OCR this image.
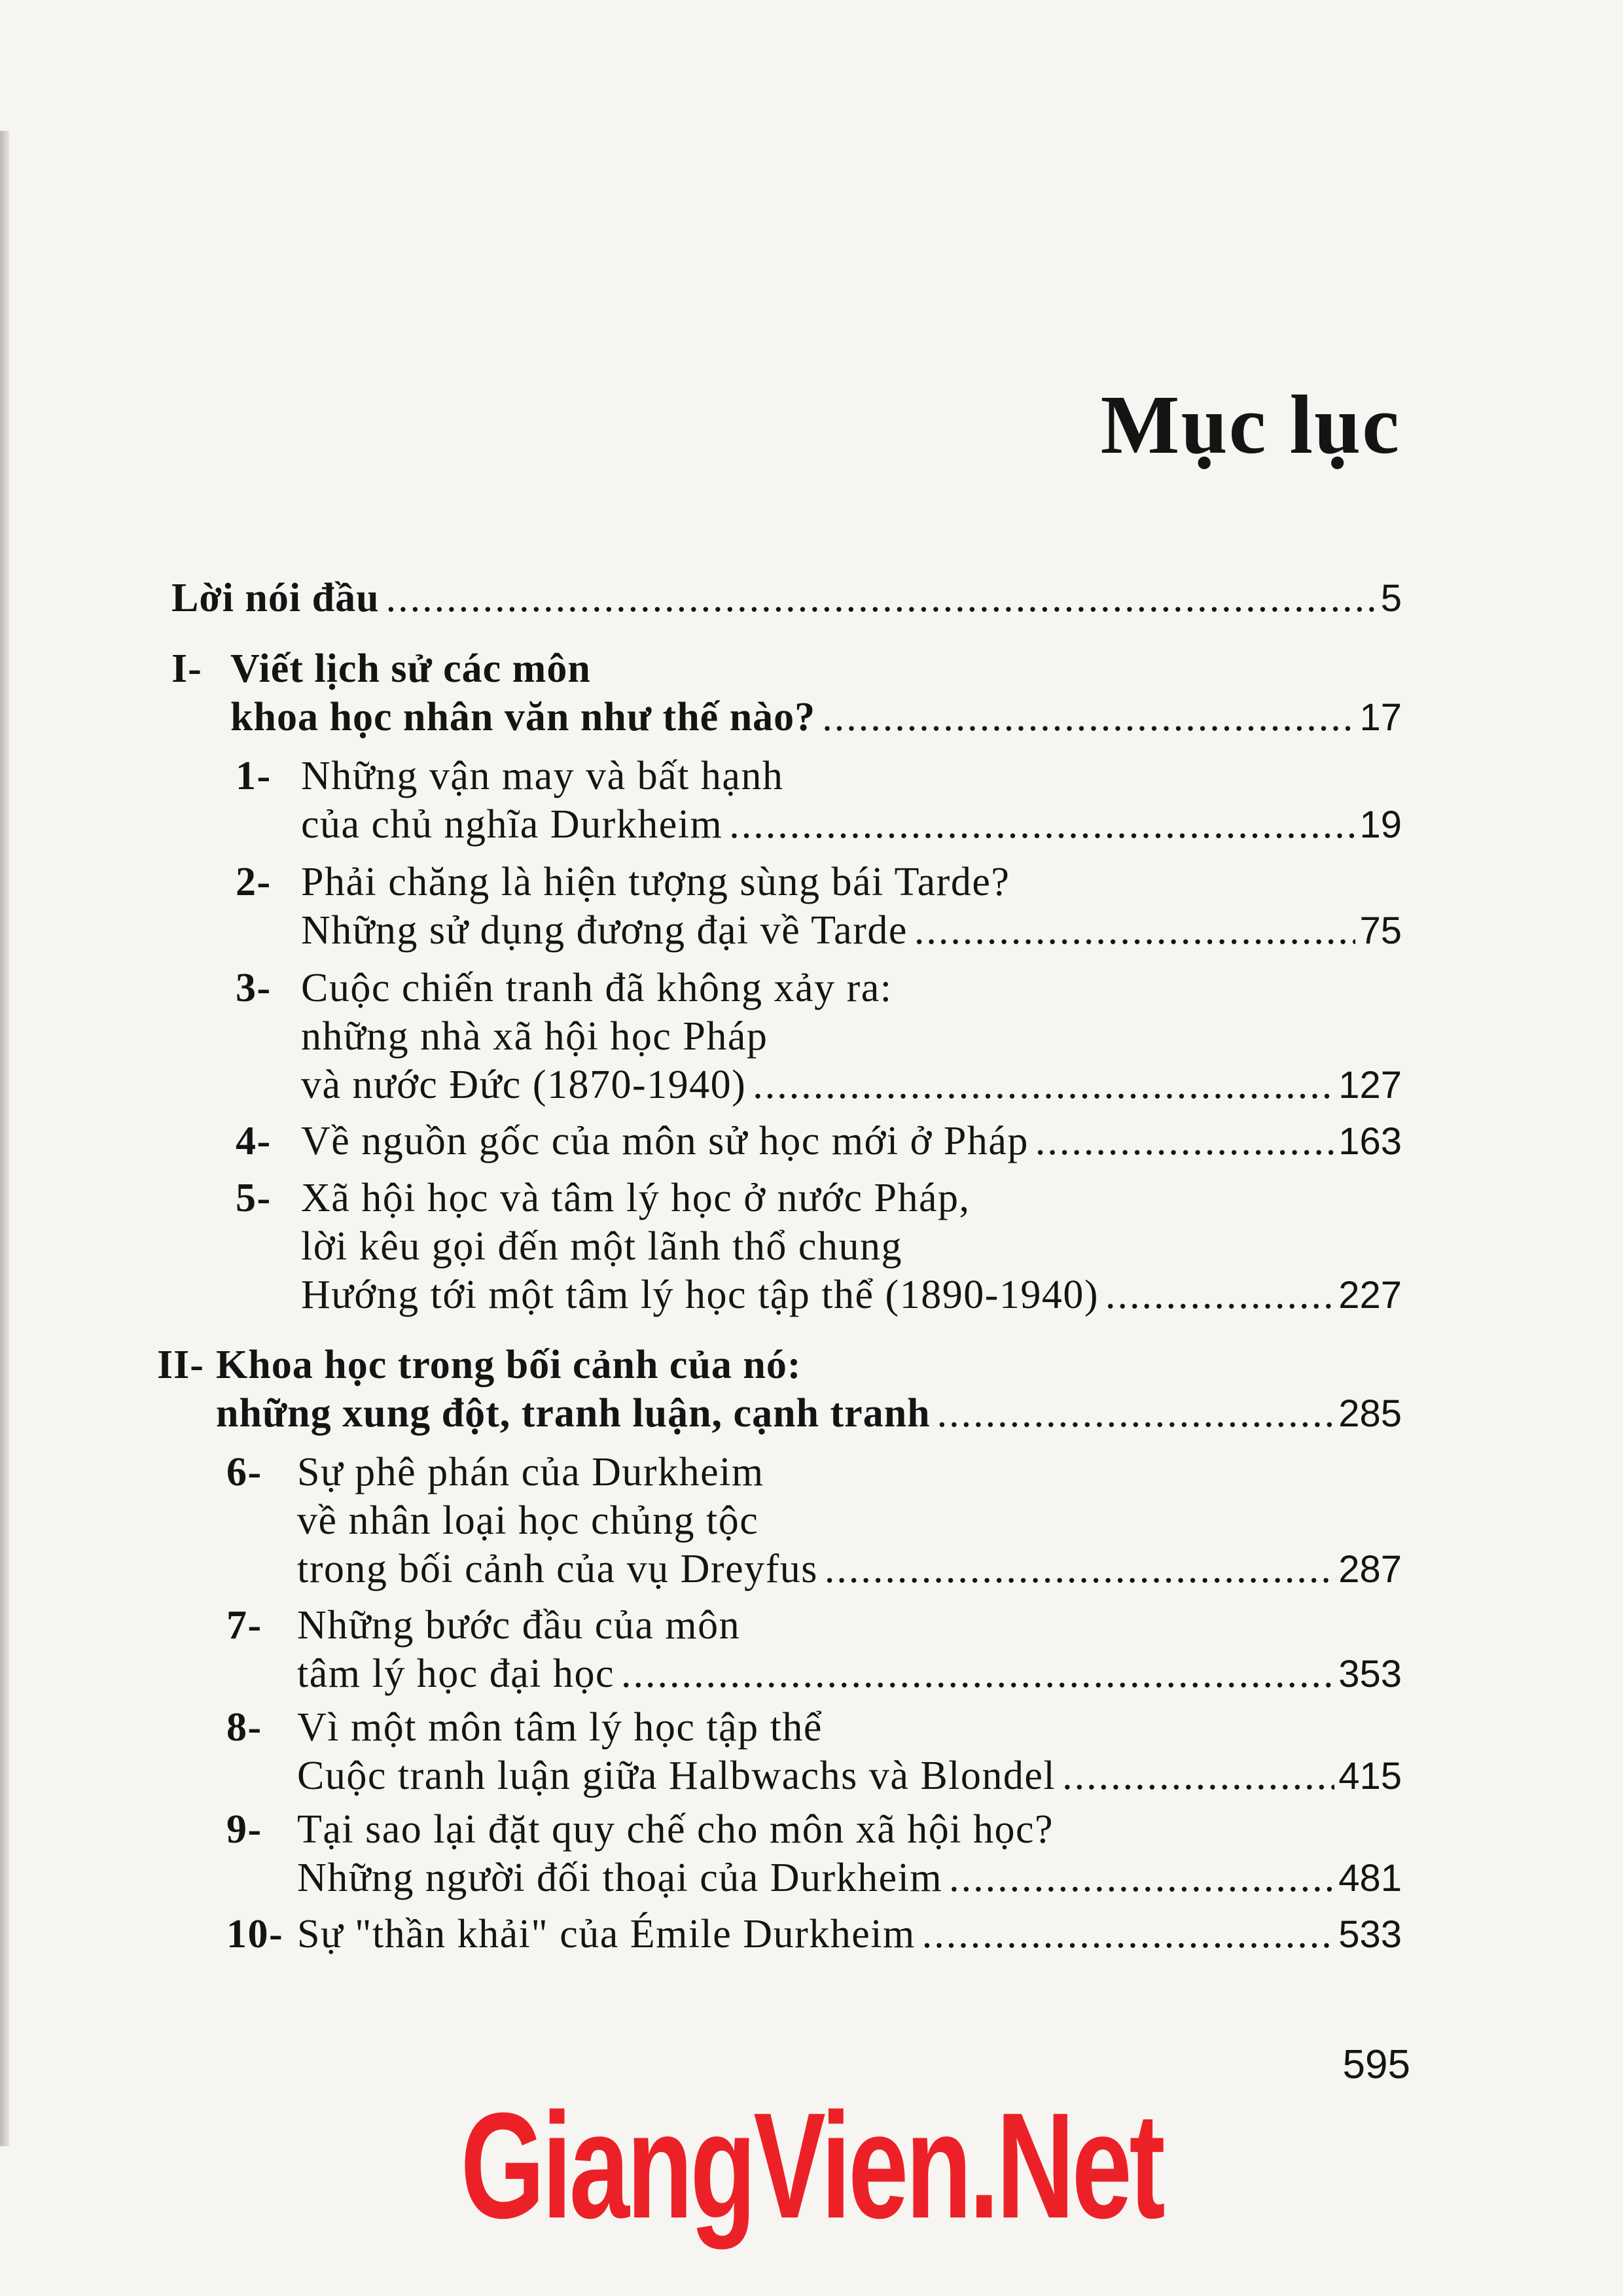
Mục lục
Lời nói đầu .....	5
I- Viết lịch sử các môn
khoa học nhân văn như thế nào? .....	17
1- Những vận may và bất hạnh
của chủ nghĩa Durkheim .....	19
2- Phải chăng là hiện tượng sùng bái Tarde?
Những sử dụng đương đại về Tarde .....	75
3- Cuộc chiến tranh đã không xảy ra:
những nhà xã hội học Pháp
và nước Đức (1870-1940) .....	127
4- Về nguồn gốc của môn sử học mới ở Pháp .....	163
5- Xã hội học và tâm lý học ở nước Pháp,
lời kêu gọi đến một lãnh thổ chung
Hướng tới một tâm lý học tập thể (1890-1940) .....	227
II- Khoa học trong bối cảnh của nó:
những xung đột, tranh luận, cạnh tranh .....	285
6- Sự phê phán của Durkheim
về nhân loại học chủng tộc
trong bối cảnh của vụ Dreyfus .....	287
7- Những bước đầu của môn
tâm lý học đại học .....	353
8- Vì một môn tâm lý học tập thể
Cuộc tranh luận giữa Halbwachs và Blondel .....	415
9- Tại sao lại đặt quy chế cho môn xã hội học?
Những người đối thoại của Durkheim .....	481
10- Sự "thần khải" của Émile Durkheim .....	533
595
GiangVien.Net
